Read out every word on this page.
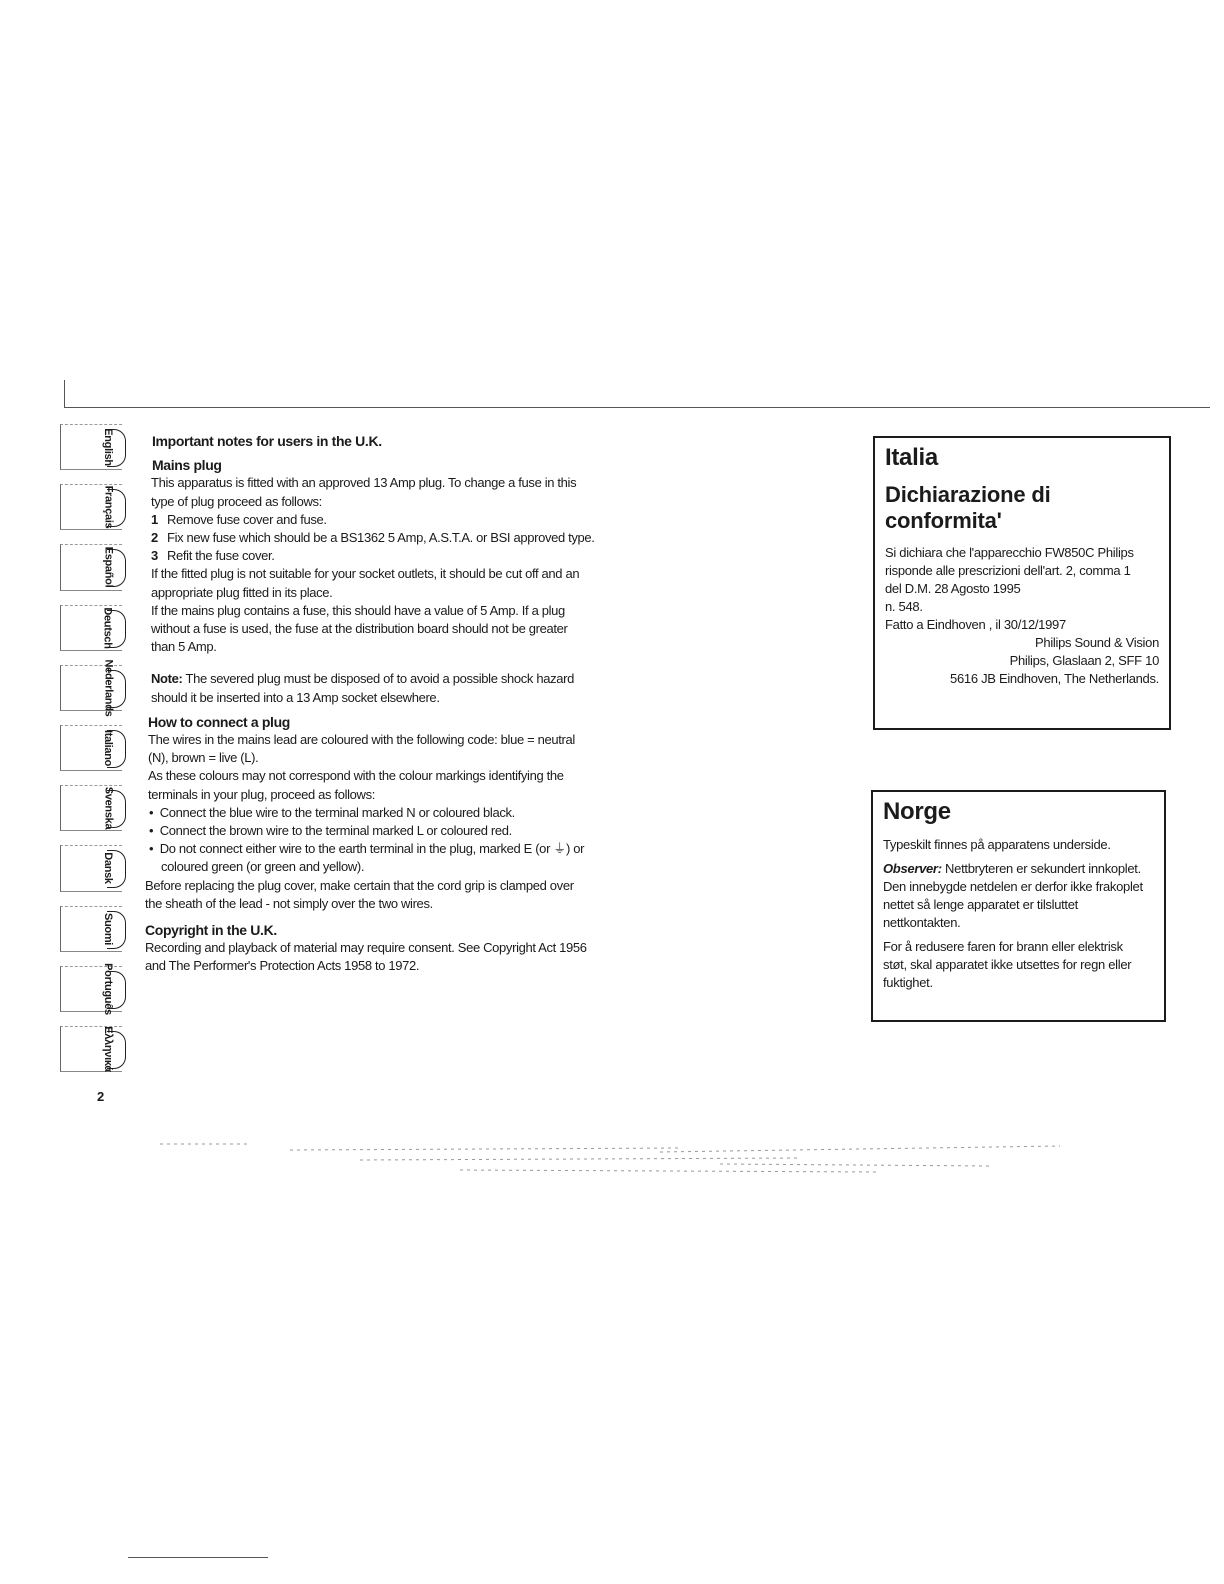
English
Français
Español
Deutsch
Nederlands
Italiano
Svenska
Dansk
Suomi
Português
Ελληνικά

Important notes for users in the U.K.

Mains plug

This apparatus is fitted with an approved 13 Amp plug. To change a fuse in this

type of plug proceed as follows:

1 Remove fuse cover and fuse.

2 Fix new fuse which should be a BS1362 5 Amp, A.S.T.A. or BSI approved type.

3 Refit the fuse cover.

If the fitted plug is not suitable for your socket outlets, it should be cut off and an

appropriate plug fitted in its place.

If the mains plug contains a fuse, this should have a value of 5 Amp. If a plug

without a fuse is used, the fuse at the distribution board should not be greater

than 5 Amp.

Note: The severed plug must be disposed of to avoid a possible shock hazard

should it be inserted into a 13 Amp socket elsewhere.

How to connect a plug

The wires in the mains lead are coloured with the following code: blue = neutral

(N), brown = live (L).

As these colours may not correspond with the colour markings identifying the

terminals in your plug, proceed as follows:

•  Connect the blue wire to the terminal marked N or coloured black.

•  Connect the brown wire to the terminal marked L or coloured red.

•  Do not connect either wire to the earth terminal in the plug, marked E (or ⏚) or coloured green (or green and yellow).

Before replacing the plug cover, make certain that the cord grip is clamped over

the sheath of the lead - not simply over the two wires.

Copyright in the U.K.

Recording and playback of material may require consent. See Copyright Act 1956

and The Performer's Protection Acts 1958 to 1972.

Italia
Dichiarazione di conformita'

Si dichiara che l'apparecchio FW850C Philips

risponde alle prescrizioni dell'art. 2, comma 1

del D.M. 28 Agosto 1995

n. 548.

Fatto a Eindhoven , il 30/12/1997

Philips Sound & Vision

Philips, Glaslaan 2, SFF 10

5616 JB Eindhoven, The Netherlands.

Norge

Typeskilt finnes på apparatens underside.

Observer: Nettbryteren er sekundert innkoplet.

Den innebygde netdelen er derfor ikke frakoplet

nettet så lenge apparatet er tilsluttet

nettkontakten.

For å redusere faren for brann eller elektrisk

støt, skal apparatet ikke utsettes for regn eller

fuktighet.

2
